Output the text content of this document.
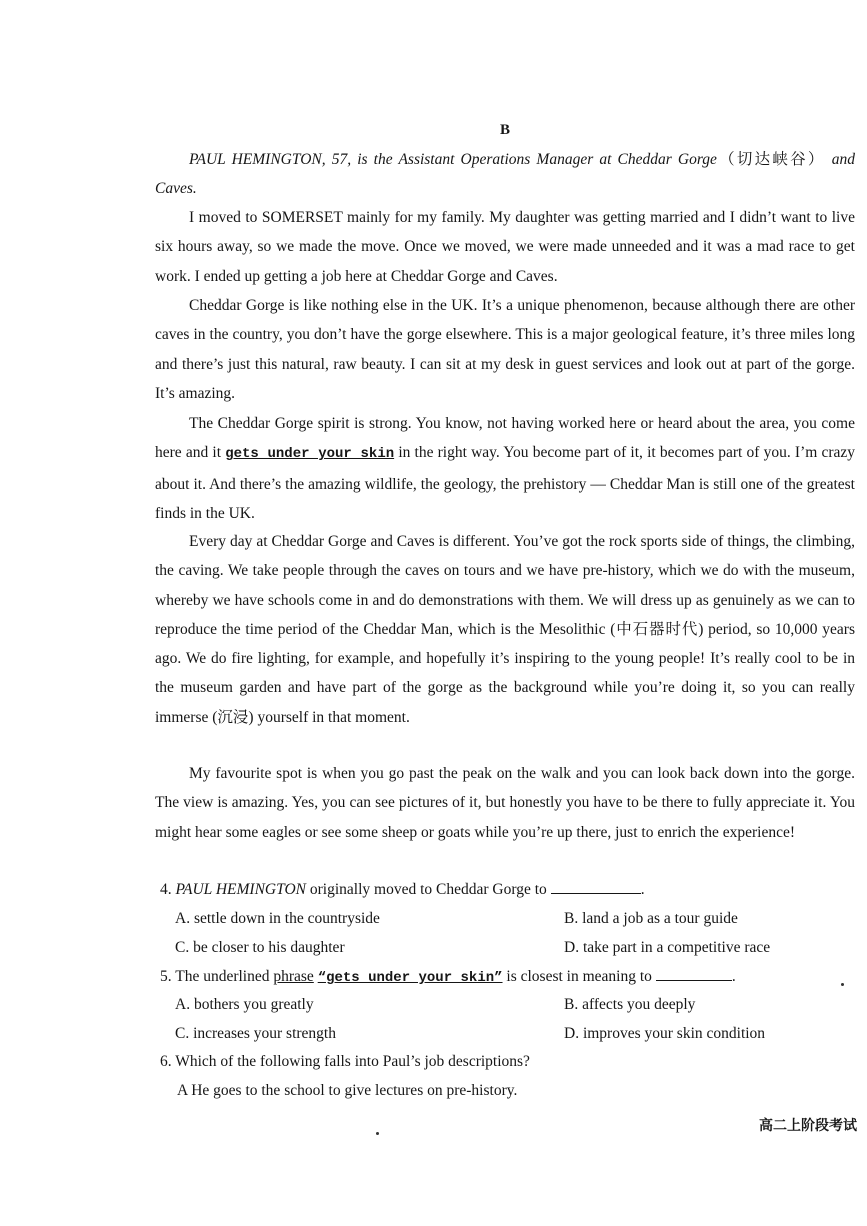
B

PAUL HEMINGTON, 57, is the Assistant Operations Manager at Cheddar Gorge（切达峡谷） and Caves.

I moved to SOMERSET mainly for my family. My daughter was getting married and I didn’t want to live six hours away, so we made the move. Once we moved, we were made unneeded and it was a mad race to get work. I ended up getting a job here at Cheddar Gorge and Caves.

Cheddar Gorge is like nothing else in the UK. It’s a unique phenomenon, because although there are other caves in the country, you don’t have the gorge elsewhere. This is a major geological feature, it’s three miles long and there’s just this natural, raw beauty. I can sit at my desk in guest services and look out at part of the gorge. It’s amazing.

The Cheddar Gorge spirit is strong. You know, not having worked here or heard about the area, you come here and it gets under your skin in the right way. You become part of it, it becomes part of you. I’m crazy about it. And there’s the amazing wildlife, the geology, the prehistory — Cheddar Man is still one of the greatest finds in the UK.

Every day at Cheddar Gorge and Caves is different. You’ve got the rock sports side of things, the climbing, the caving. We take people through the caves on tours and we have pre-history, which we do with the museum, whereby we have schools come in and do demonstrations with them. We will dress up as genuinely as we can to reproduce the time period of the Cheddar Man, which is the Mesolithic (中石器时代) period, so 10,000 years ago. We do fire lighting, for example, and hopefully it’s inspiring to the young people! It’s really cool to be in the museum garden and have part of the gorge as the background while you’re doing it, so you can really immerse (沉浸) yourself in that moment.

My favourite spot is when you go past the peak on the walk and you can look back down into the gorge. The view is amazing. Yes, you can see pictures of it, but honestly you have to be there to fully appreciate it. You might hear some eagles or see some sheep or goats while you’re up there, just to enrich the experience!

4. PAUL HEMINGTON originally moved to Cheddar Gorge to	.

A. settle down in the countryside	B. land a job as a tour guide

C. be closer to his daughter	D. take part in a competitive race

5. The underlined phrase “gets under your skin” is closest in meaning to	.

A. bothers you greatly	B. affects you deeply

C. increases your strength	D. improves your skin condition

6. Which of the following falls into Paul’s job descriptions?

A He goes to the school to give lectures on pre-history.

高二上阶段考试
